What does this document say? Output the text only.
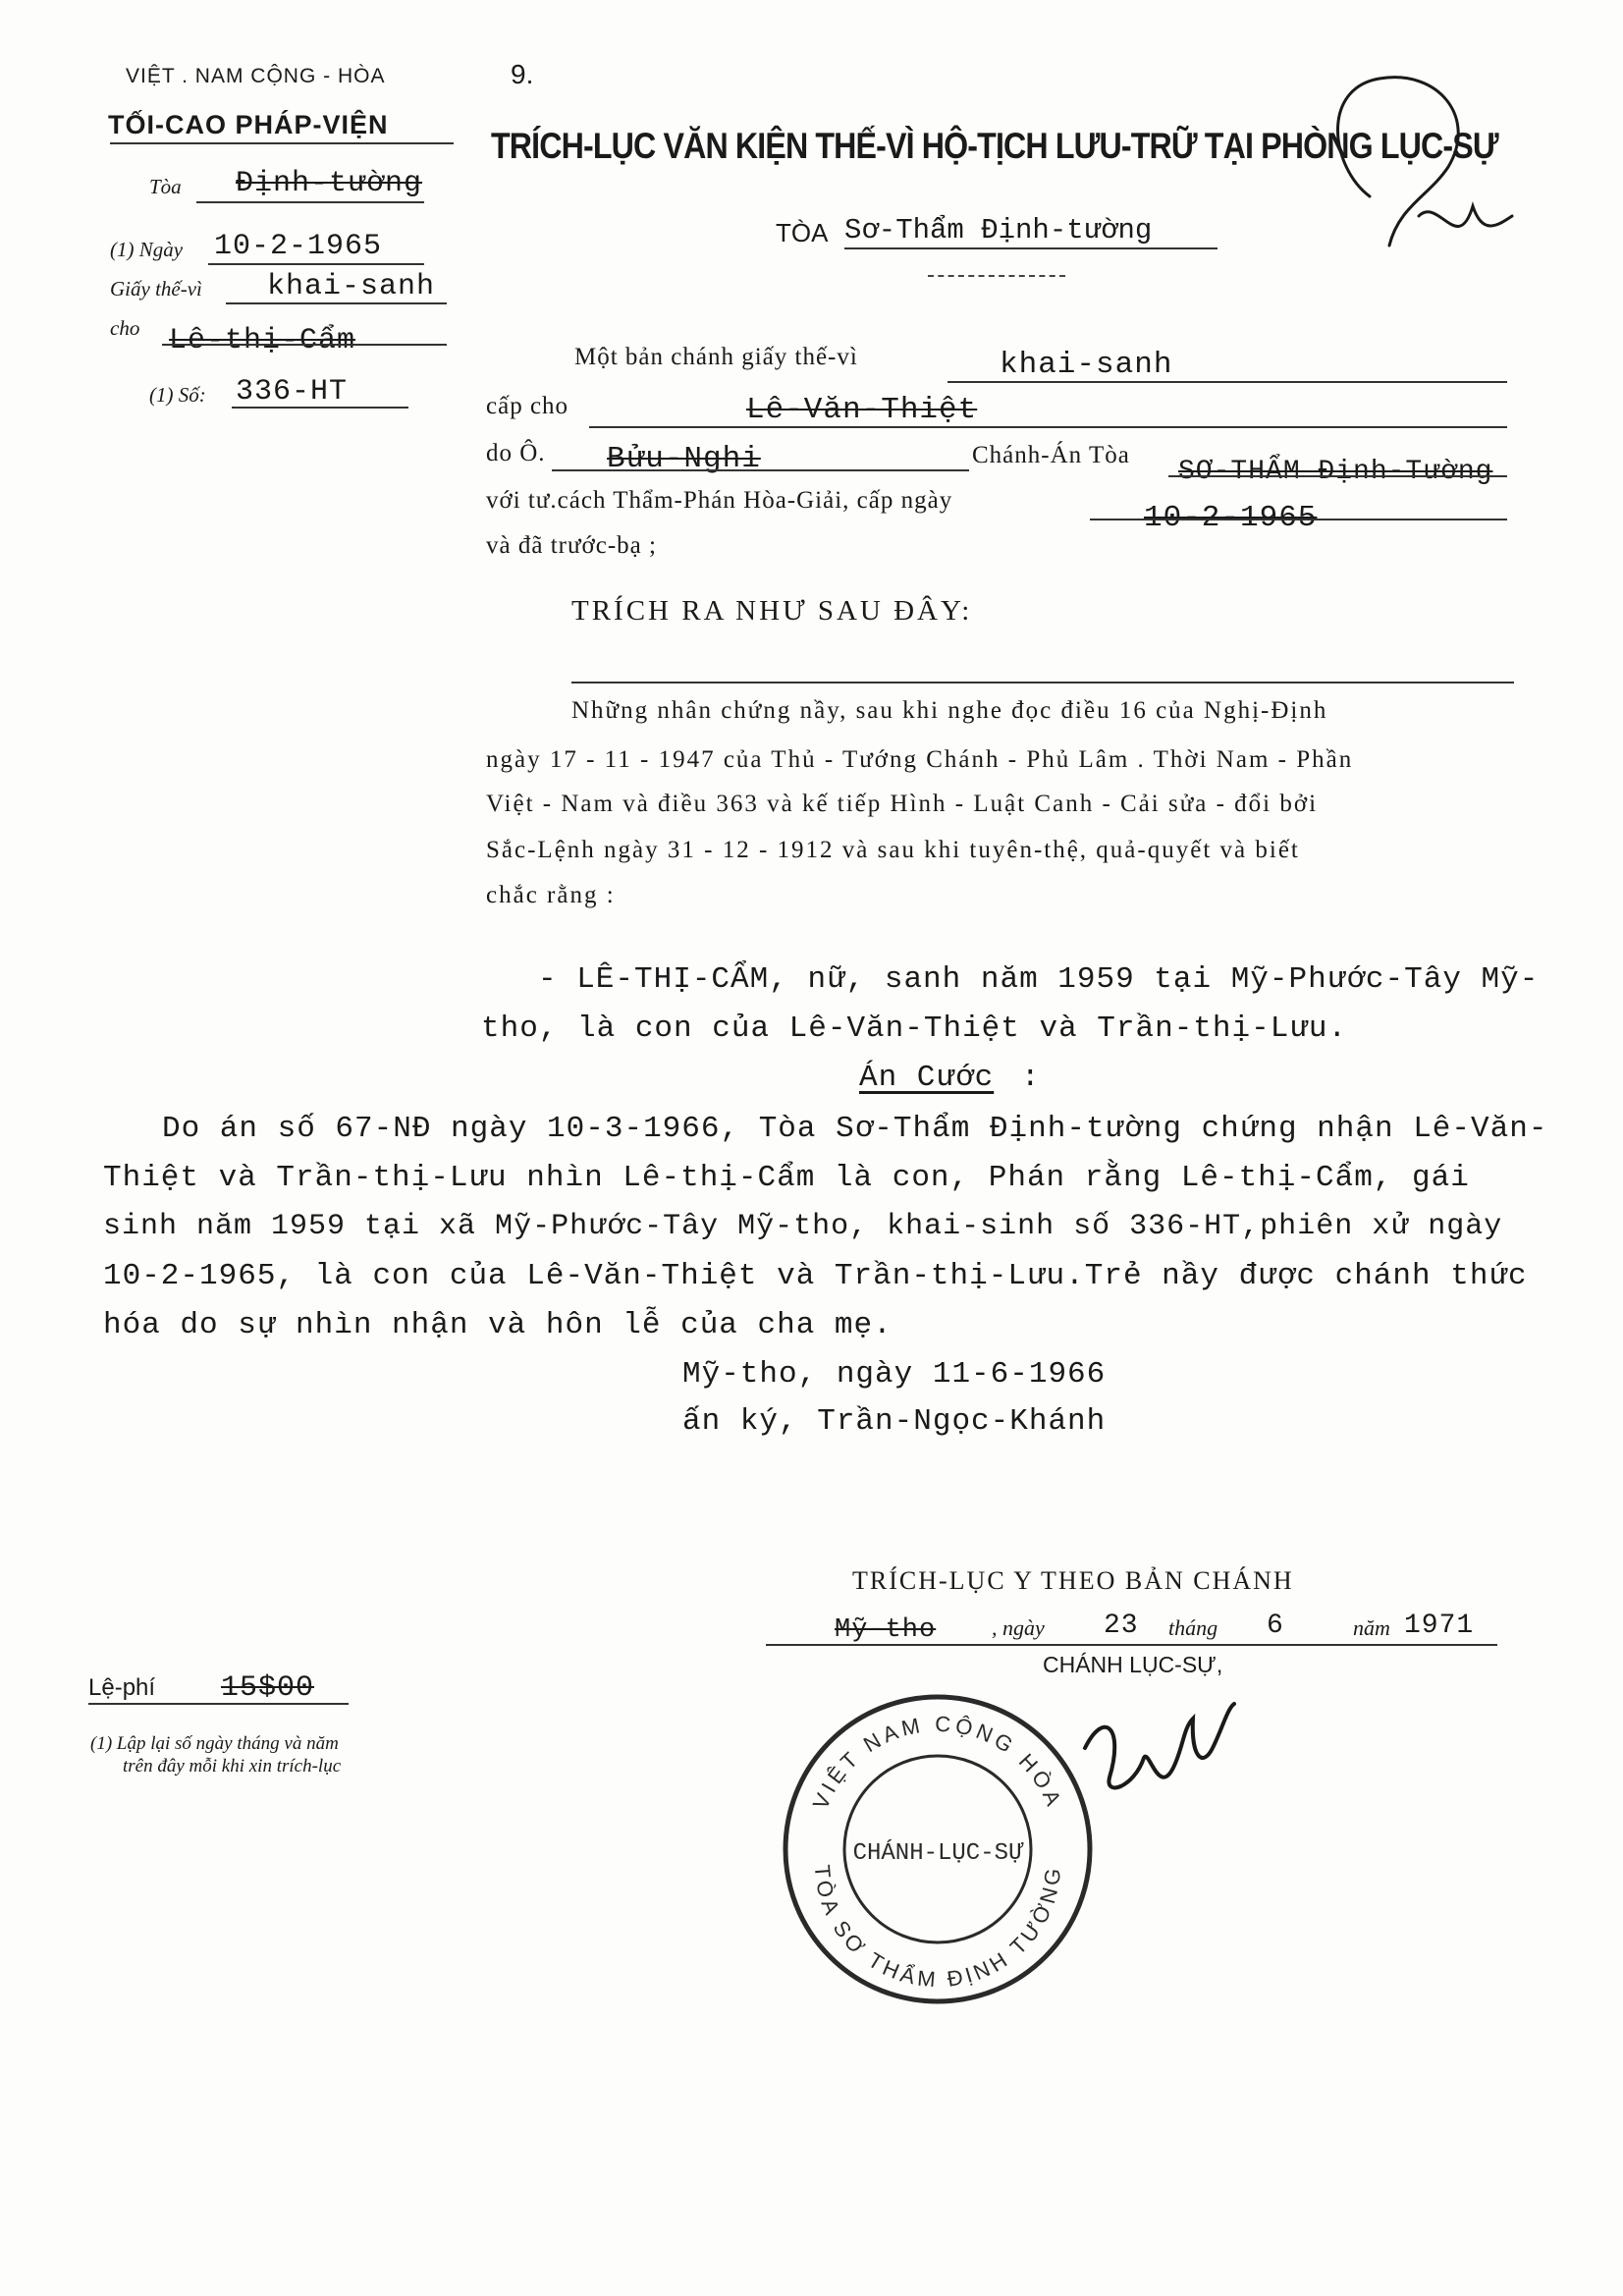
VIỆT . NAM CỘNG - HÒA
TỐI-CAO PHÁP-VIỆN
Tòa Định-tường
(1) Ngày 10-2-1965
Giấy thế-vì khai-sanh
cho Lê-thị-Cẩm
(1) Số: 336-HT
9.
TRÍCH-LỤC VĂN KIỆN THẾ-VÌ HỘ-TỊCH LƯU-TRỮ TẠI PHÒNG LỤC-SỰ
TÒA Sơ-Thẩm Định-tường
Một bản chánh giấy thế-vì	khai-sanh
cấp cho	Lê-Văn-Thiệt
do Ô. Bửu-Nghi	Chánh-Án Tòa
SƠ-THẨM Định-Tường
với tư.cách Thẩm-Phán Hòa-Giải, cấp ngày
10-2-1965
và đã trước-bạ ;
TRÍCH RA NHƯ SAU ĐÂY:
Những nhân chứng nầy, sau khi nghe đọc điều 16 của Nghị-Định
ngày 17 - 11 - 1947 của Thủ - Tướng Chánh - Phủ Lâm . Thời Nam - Phần
Việt - Nam và điều 363 và kế tiếp Hình - Luật Canh - Cải sửa - đổi bởi
Sắc-Lệnh ngày 31 - 12 - 1912 và sau khi tuyên-thệ, quả-quyết và biết
chắc rằng :
- LÊ-THỊ-CẨM, nữ, sanh năm 1959 tại Mỹ-Phước-Tây Mỹ-
tho, là con của Lê-Văn-Thiệt và Trần-thị-Lưu.
Án Cước :
Do án số 67-NĐ ngày 10-3-1966, Tòa Sơ-Thẩm Định-tường chứng nhận Lê-Văn-
Thiệt và Trần-thị-Lưu nhìn Lê-thị-Cẩm là con, Phán rằng Lê-thị-Cẩm, gái
sinh năm 1959 tại xã Mỹ-Phước-Tây Mỹ-tho, khai-sinh số 336-HT,phiên xử ngày
10-2-1965, là con của Lê-Văn-Thiệt và Trần-thị-Lưu.Trẻ nầy được chánh thức
hóa do sự nhìn nhận và hôn lễ của cha mẹ.
Mỹ-tho, ngày 11-6-1966
ấn ký, Trần-Ngọc-Khánh
TRÍCH-LỤC Y THEO BẢN CHÁNH
Mỹ-tho	, ngày 23 tháng 6	năm 1971
CHÁNH LỤC-SỰ,
Lệ-phí 15$00
(1) Lập lại số ngày tháng và năm
trên đây mỗi khi xin trích-lục
VIỆT NAM CỘNG HÒA
TÒA SƠ THẨM ĐỊNH TƯỜNG
CHÁNH-LỤC-SỰ
